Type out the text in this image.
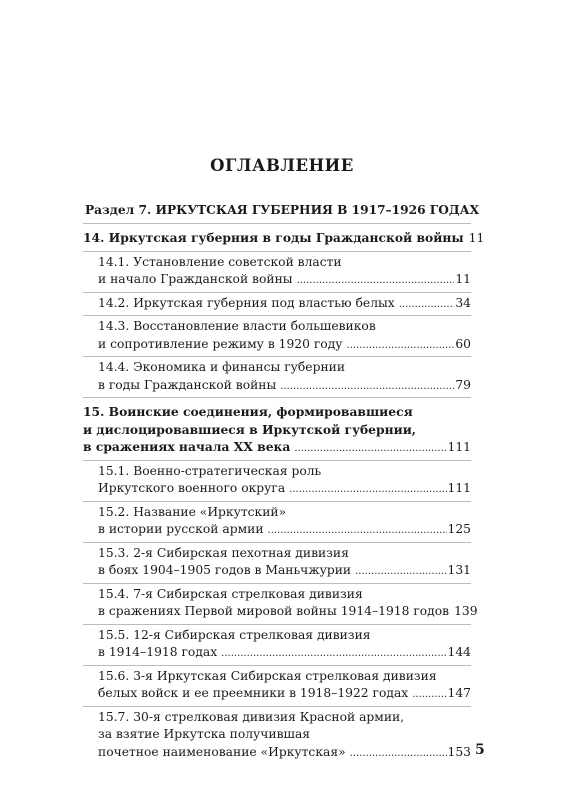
ОГЛАВЛЕНИЕ
Раздел 7. ИРКУТСКАЯ ГУБЕРНИЯ В 1917–1926 ГОДАХ
14. Иркутская губерния в годы Гражданской войны 11
14.1. Установление советской власти
и начало Гражданской войны .....	11
14.2. Иркутская губерния под властью белых .....	34
14.3. Восстановление власти большевиков
и сопротивление режиму в 1920 году .....	60
14.4. Экономика и финансы губернии
в годы Гражданской войны .....	79
15. Воинские соединения, формировавшиеся
и дислоцировавшиеся в Иркутской губернии,
в сражениях начала XX века .....	111
15.1. Военно-стратегическая роль
Иркутского военного округа .....	111
15.2. Название «Иркутский»
в истории русской армии .....	125
15.3. 2-я Сибирская пехотная дивизия
в боях 1904–1905 годов в Маньчжурии .....	131
15.4. 7-я Сибирская стрелковая дивизия
в сражениях Первой мировой войны 1914–1918 годов 139
15.5. 12-я Сибирская стрелковая дивизия
в 1914–1918 годах .....	144
15.6. 3-я Иркутская Сибирская стрелковая дивизия
белых войск и ее преемники в 1918–1922 годах .....	147
15.7. 30-я стрелковая дивизия Красной армии,
за взятие Иркутска получившая
почетное наименование «Иркутская» .....	153 5
